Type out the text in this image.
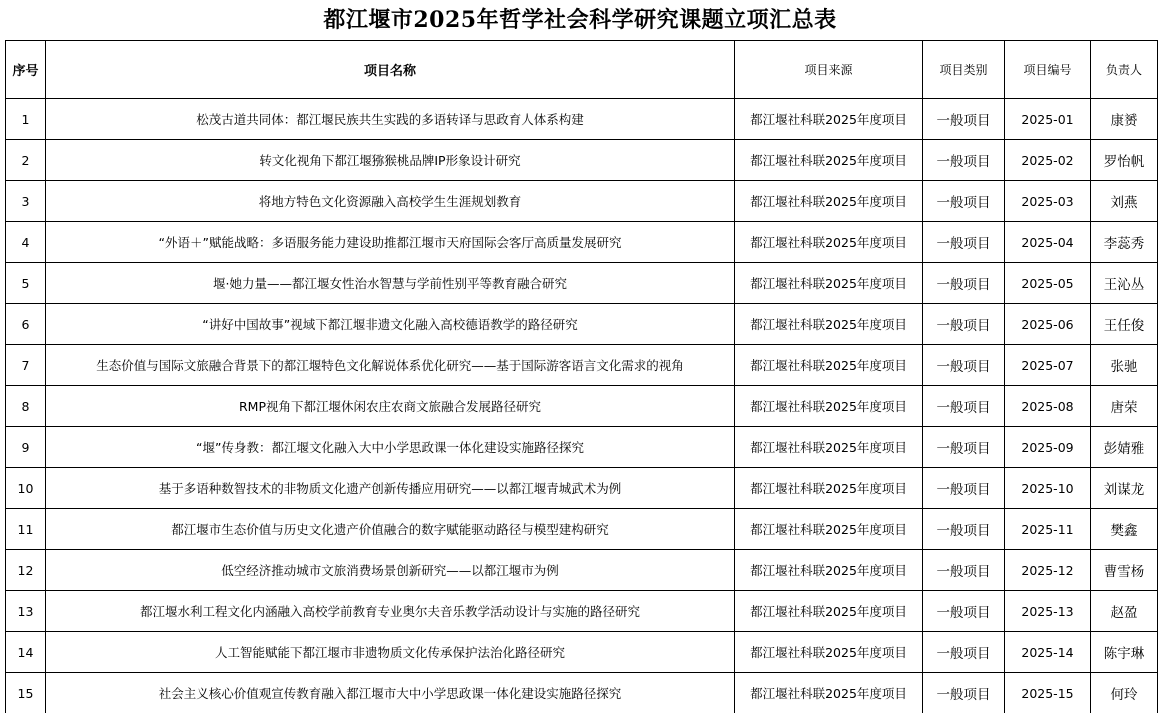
都江堰市2025年哲学社会科学研究课题立项汇总表
序号	项目名称	项目来源	项目类别	项目编号	负责人
1	松茂古道共同体：都江堰民族共生实践的多语转译与思政育人体系构建	都江堰社科联2025年度项目	一般项目	2025-01	康赟
2	转文化视角下都江堰猕猴桃品牌IP形象设计研究	都江堰社科联2025年度项目	一般项目	2025-02	罗怡帆
3	将地方特色文化资源融入高校学生生涯规划教育	都江堰社科联2025年度项目	一般项目	2025-03	刘燕
4	“外语＋”赋能战略：多语服务能力建设助推都江堰市天府国际会客厅高质量发展研究	都江堰社科联2025年度项目	一般项目	2025-04	李蕊秀
5	堰·她力量——都江堰女性治水智慧与学前性别平等教育融合研究	都江堰社科联2025年度项目	一般项目	2025-05	王沁丛
6	“讲好中国故事”视域下都江堰非遗文化融入高校德语教学的路径研究	都江堰社科联2025年度项目	一般项目	2025-06	王任俊
7	生态价值与国际文旅融合背景下的都江堰特色文化解说体系优化研究——基于国际游客语言文化需求的视角	都江堰社科联2025年度项目	一般项目	2025-07	张驰
8	RMP视角下都江堰休闲农庄农商文旅融合发展路径研究	都江堰社科联2025年度项目	一般项目	2025-08	唐荣
9	“堰”传身教：都江堰文化融入大中小学思政课一体化建设实施路径探究	都江堰社科联2025年度项目	一般项目	2025-09	彭婧雅
10	基于多语种数智技术的非物质文化遗产创新传播应用研究——以都江堰青城武术为例	都江堰社科联2025年度项目	一般项目	2025-10	刘谋龙
11	都江堰市生态价值与历史文化遗产价值融合的数字赋能驱动路径与模型建构研究	都江堰社科联2025年度项目	一般项目	2025-11	樊鑫
12	低空经济推动城市文旅消费场景创新研究——以都江堰市为例	都江堰社科联2025年度项目	一般项目	2025-12	曹雪杨
13	都江堰水利工程文化内涵融入高校学前教育专业奥尔夫音乐教学活动设计与实施的路径研究	都江堰社科联2025年度项目	一般项目	2025-13	赵盈
14	人工智能赋能下都江堰市非遗物质文化传承保护法治化路径研究	都江堰社科联2025年度项目	一般项目	2025-14	陈宇琳
15	社会主义核心价值观宣传教育融入都江堰市大中小学思政课一体化建设实施路径探究	都江堰社科联2025年度项目	一般项目	2025-15	何玲
